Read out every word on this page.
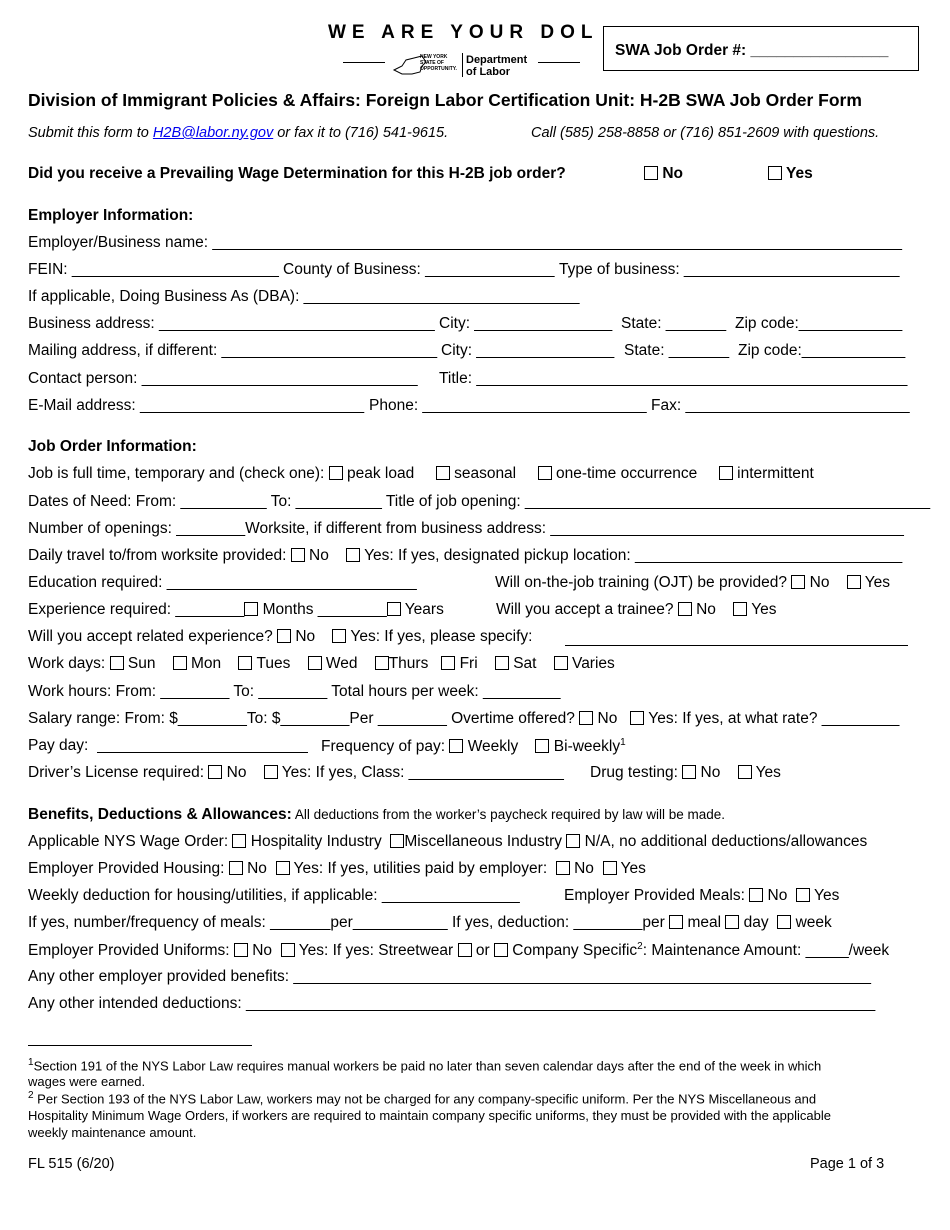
WE ARE YOUR DOL
NEW YORK STATE OF OPPORTUNITY.
Department
of Labor
SWA Job Order #: ________________
Division of Immigrant Policies & Affairs: Foreign Labor Certification Unit: H-2B SWA Job Order Form
Submit this form to H2B@labor.ny.gov or fax it to (716) 541-9615.	Call (585) 258-8858 or (716) 851-2609 with questions.
Did you receive a Prevailing Wage Determination for this H-2B job order?	No	Yes
Employer Information:
Employer/Business name: ________________________________________________________________________________
FEIN: ________________________ County of Business: _______________ Type of business: _________________________
If applicable, Doing Business As (DBA): ________________________________
Business address: ________________________________ City: ________________ State: _______ Zip code:____________
Mailing address, if different: _________________________ City: ________________ State: _______ Zip code:____________
Contact person: ________________________________ Title: __________________________________________________
E-Mail address: __________________________ Phone: __________________________ Fax: __________________________
Job Order Information:
Job is full time, temporary and (check one): peak load	seasonal	one-time occurrence	intermittent
Dates of Need: From: __________ To: __________ Title of job opening: _______________________________________________
Number of openings: ________Worksite, if different from business address: _________________________________________
Daily travel to/from worksite provided: No Yes: If yes, designated pickup location: _______________________________
Education required: _____________________________	Will on-the-job training (OJT) be provided? No Yes
Experience required: ________ Months ________ Years	Will you accept a trainee? No Yes
Will you accept related experience? No Yes: If yes, please specify:
Work days: Sun Mon Tues Wed Thurs Fri Sat Varies
Work hours: From: ________ To: ________ Total hours per week: _________
Salary range: From: $________To: $________Per ________ Overtime offered? No Yes: If yes, at what rate? _________
Pay day:	Frequency of pay: Weekly Bi-weekly$^1$
Driver’s License required: No Yes: If yes, Class: __________________ Drug testing: No Yes
Benefits, Deductions & Allowances: All deductions from the worker’s paycheck required by law will be made.
Applicable NYS Wage Order: Hospitality Industry Miscellaneous Industry N/A, no additional deductions/allowances
Employer Provided Housing: No Yes: If yes, utilities paid by employer: No Yes
Weekly deduction for housing/utilities, if applicable: ________________	Employer Provided Meals: No Yes
If yes, number/frequency of meals: _______per___________ If yes, deduction: ________per meal day week
Employer Provided Uniforms: No Yes: If yes: Streetwear or Company Specific$^2$: Maintenance Amount: _____/week
Any other employer provided benefits: ___________________________________________________________________
Any other intended deductions: _________________________________________________________________________
$^1$Section 191 of the NYS Labor Law requires manual workers be paid no later than seven calendar days after the end of the week in which
wages were earned.
$^2$ Per Section 193 of the NYS Labor Law, workers may not be charged for any company-specific uniform. Per the NYS Miscellaneous and
Hospitality Minimum Wage Orders, if workers are required to maintain company specific uniforms, they must be provided with the applicable
weekly maintenance amount.
FL 515 (6/20)	Page 1 of 3
